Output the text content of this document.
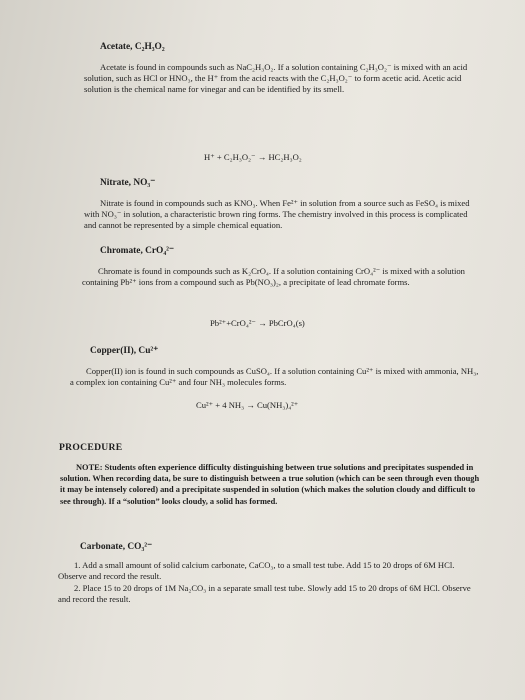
Acetate, C₂H₃O₂
Acetate is found in compounds such as NaC₂H₃O₂. If a solution containing C₂H₃O₂⁻ is mixed with an acid solution, such as HCl or HNO₃, the H⁺ from the acid reacts with the C₂H₃O₂⁻ to form acetic acid. Acetic acid solution is the chemical name for vinegar and can be identified by its smell.
H⁺ + C₂H₃O₂⁻ → HC₂H₃O₂
Nitrate, NO₃⁻
Nitrate is found in compounds such as KNO₃. When Fe²⁺ in solution from a source such as FeSO₄ is mixed with NO₃⁻ in solution, a characteristic brown ring forms. The chemistry involved in this process is complicated and cannot be represented by a simple chemical equation.
Chromate, CrO₄²⁻
Chromate is found in compounds such as K₂CrO₄. If a solution containing CrO₄²⁻ is mixed with a solution containing Pb²⁺ ions from a compound such as Pb(NO₃)₂, a precipitate of lead chromate forms.
Pb²⁺+CrO₄²⁻ → PbCrO₄(s)
Copper(II), Cu²⁺
Copper(II) ion is found in such compounds as CuSO₄. If a solution containing Cu²⁺ is mixed with ammonia, NH₃, a complex ion containing Cu²⁺ and four NH₃ molecules forms.
Cu²⁺ + 4 NH₃ → Cu(NH₃)₄²⁺
PROCEDURE
NOTE: Students often experience difficulty distinguishing between true solutions and precipitates suspended in solution. When recording data, be sure to distinguish between a true solution (which can be seen through even though it may be intensely colored) and a precipitate suspended in solution (which makes the solution cloudy and difficult to see through). If a “solution” looks cloudy, a solid has formed.
Carbonate, CO₃²⁻
1. Add a small amount of solid calcium carbonate, CaCO₃, to a small test tube. Add 15 to 20 drops of 6M HCl. Observe and record the result.
2. Place 15 to 20 drops of 1M Na₂CO₃ in a separate small test tube. Slowly add 15 to 20 drops of 6M HCl. Observe and record the result.
